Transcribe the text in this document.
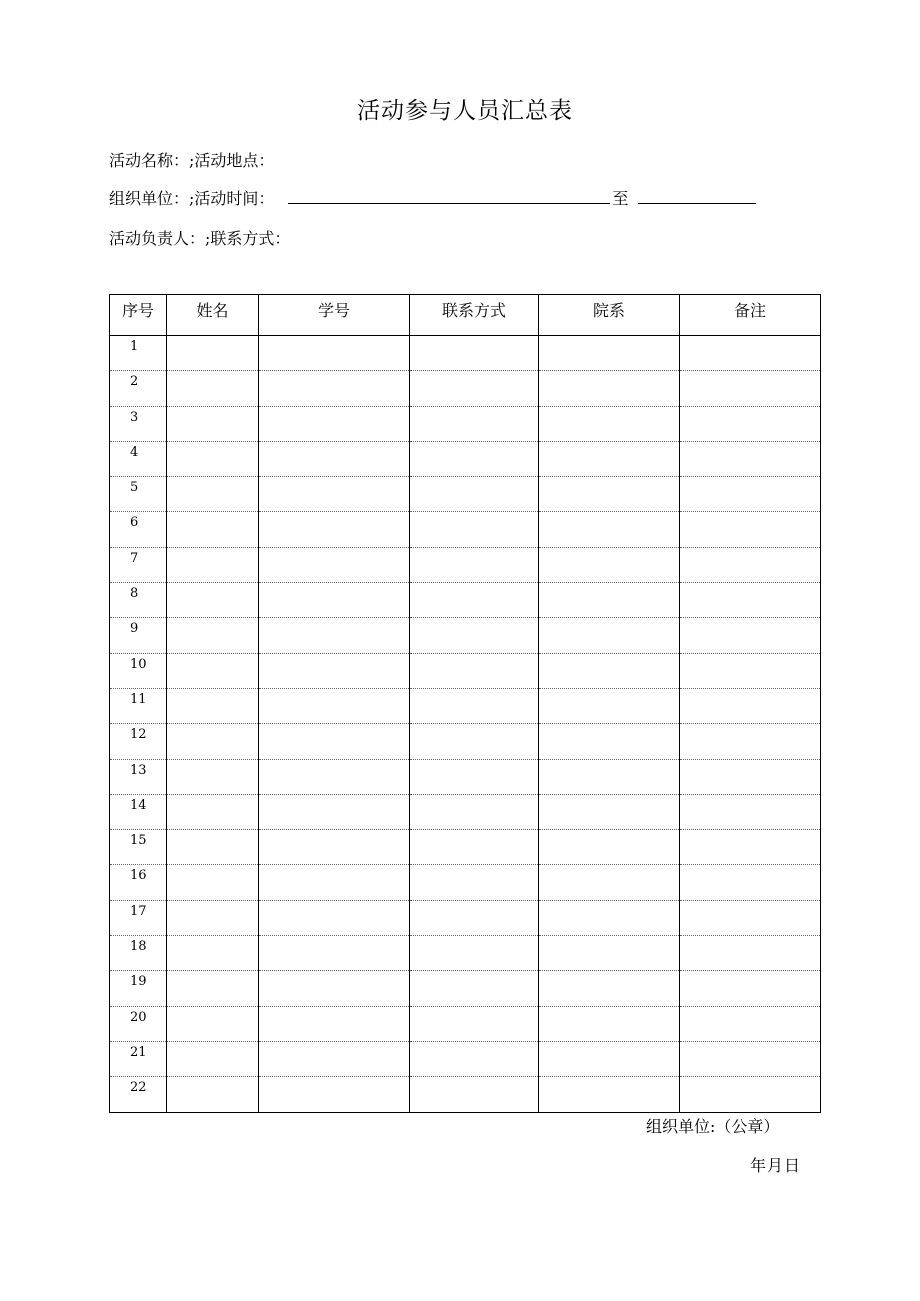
活动参与人员汇总表
活动名称：;活动地点：
组织单位：;活动时间：	至
活动负责人：;联系方式：
序号	姓名	学号	联系方式	院系	备注
1					
2					
3					
4					
5					
6					
7					
8					
9					
10					
11					
12					
13					
14					
15					
16					
17					
18					
19					
20					
21					
22					
组织单位:（公章）
年月日
